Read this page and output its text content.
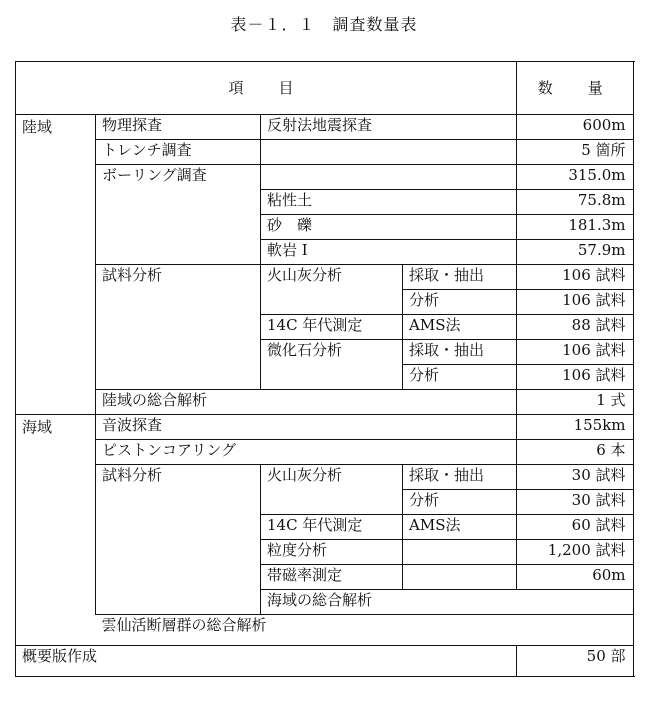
表－１．１　調査数量表
項　目				数　量	
陸域	物理探査	反射法地震探査		600m	
	トレンチ調査			5 箇所	
	ボーリング調査			315.0m	
		粘性土		75.8m	
		砂　礫		181.3m	
		軟岩 I		57.9m	
	試料分析	火山灰分析	採取・抽出	106 試料	
			分析	106 試料	
		14C 年代測定	AMS法	88 試料	
		微化石分析	採取・抽出	106 試料	
			分析	106 試料	
	陸域の総合解析			1 式	
海域	音波探査			155km	
	ピストンコアリング			6 本	
	試料分析	火山灰分析	採取・抽出	30 試料	
			分析	30 試料	
		14C 年代測定	AMS法	60 試料	
		粒度分析		1,200 試料	
		帯磁率測定		60m	
		海域の総合解析	
	雲仙活断層群の総合解析	
概要版作成				50 部	
